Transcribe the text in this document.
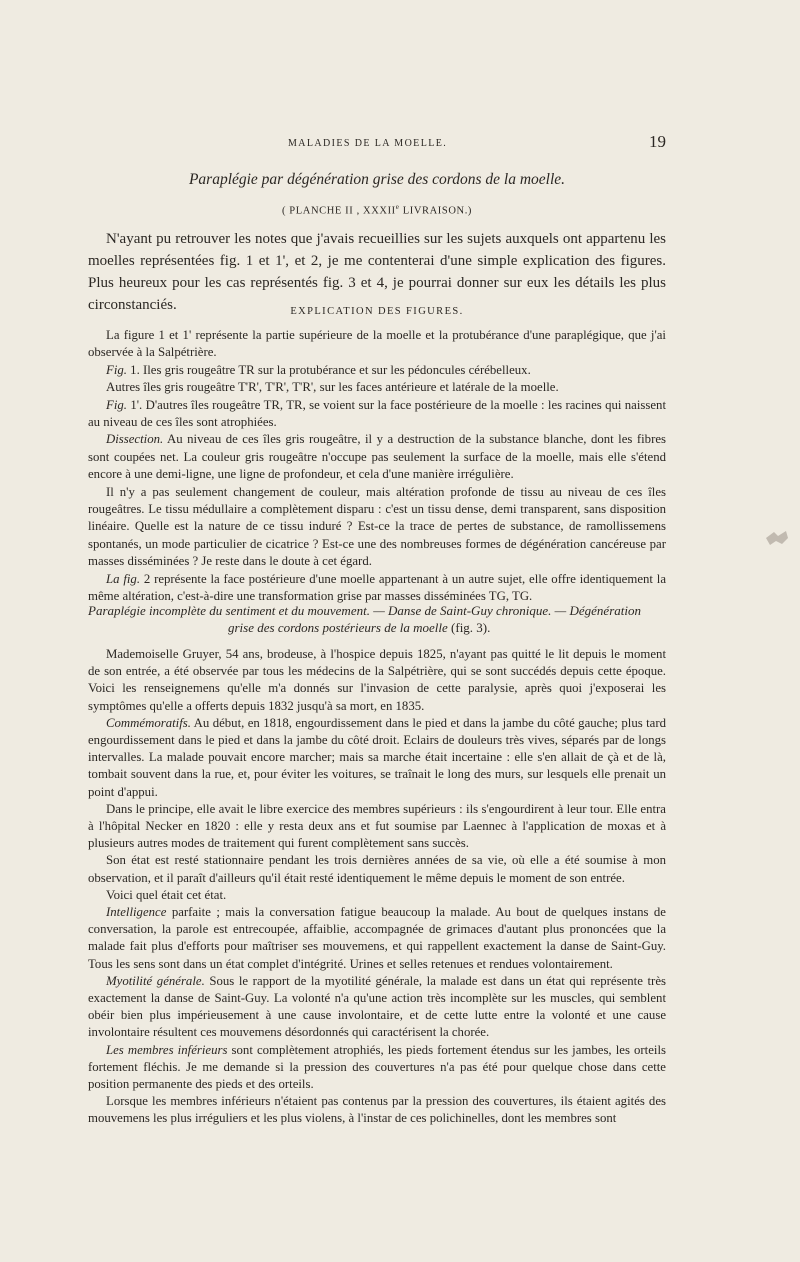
MALADIES DE LA MOELLE.	19
Paraplégie par dégénération grise des cordons de la moelle.
( PLANCHE II , XXXIIe LIVRAISON.)

N'ayant pu retrouver les notes que j'avais recueillies sur les sujets auxquels ont appartenu les moelles représentées fig. 1 et 1', et 2, je me contenterai d'une simple explication des figures. Plus heureux pour les cas représentés fig. 3 et 4, je pourrai donner sur eux les détails les plus circonstanciés.	EXPLICATION DES FIGURES.

La figure 1 et 1' représente la partie supérieure de la moelle et la protubérance d'une paraplégique, que j'ai observée à la Salpétrière.

Fig. 1. Iles gris rougeâtre TR sur la protubérance et sur les pédoncules cérébelleux.

Autres îles gris rougeâtre T'R', T'R', T'R', sur les faces antérieure et latérale de la moelle.

Fig. 1'. D'autres îles rougeâtre TR, TR, se voient sur la face postérieure de la moelle : les racines qui naissent au niveau de ces îles sont atrophiées.

Dissection. Au niveau de ces îles gris rougeâtre, il y a destruction de la substance blanche, dont les fibres sont coupées net. La couleur gris rougeâtre n'occupe pas seulement la surface de la moelle, mais elle s'étend encore à une demi-ligne, une ligne de profondeur, et cela d'une manière irrégulière.

Il n'y a pas seulement changement de couleur, mais altération profonde de tissu au niveau de ces îles rougeâtres. Le tissu médullaire a complètement disparu : c'est un tissu dense, demi transparent, sans disposition linéaire. Quelle est la nature de ce tissu induré ? Est-ce la trace de pertes de substance, de ramollissemens spontanés, un mode particulier de cicatrice ? Est-ce une des nombreuses formes de dégénération cancéreuse par masses disséminées ? Je reste dans le doute à cet égard.

La fig. 2 représente la face postérieure d'une moelle appartenant à un autre sujet, elle offre identiquement la même altération, c'est-à-dire une transformation grise par masses disséminées TG, TG.

Paraplégie incomplète du sentiment et du mouvement. — Danse de Saint-Guy chronique. — Dégénération
grise des cordons postérieurs de la moelle (fig. 3).

Mademoiselle Gruyer, 54 ans, brodeuse, à l'hospice depuis 1825, n'ayant pas quitté le lit depuis le moment de son entrée, a été observée par tous les médecins de la Salpétrière, qui se sont succédés depuis cette époque. Voici les renseignemens qu'elle m'a donnés sur l'invasion de cette paralysie, après quoi j'exposerai les symptômes qu'elle a offerts depuis 1832 jusqu'à sa mort, en 1835.

Commémoratifs. Au début, en 1818, engourdissement dans le pied et dans la jambe du côté gauche; plus tard engourdissement dans le pied et dans la jambe du côté droit. Eclairs de douleurs très vives, séparés par de longs intervalles. La malade pouvait encore marcher; mais sa marche était incertaine : elle s'en allait de çà et de là, tombait souvent dans la rue, et, pour éviter les voitures, se traînait le long des murs, sur lesquels elle prenait un point d'appui.

Dans le principe, elle avait le libre exercice des membres supérieurs : ils s'engourdirent à leur tour. Elle entra à l'hôpital Necker en 1820 : elle y resta deux ans et fut soumise par Laennec à l'application de moxas et à plusieurs autres modes de traitement qui furent complètement sans succès.

Son état est resté stationnaire pendant les trois dernières années de sa vie, où elle a été soumise à mon observation, et il paraît d'ailleurs qu'il était resté identiquement le même depuis le moment de son entrée.

Voici quel était cet état.

Intelligence parfaite ; mais la conversation fatigue beaucoup la malade. Au bout de quelques instans de conversation, la parole est entrecoupée, affaiblie, accompagnée de grimaces d'autant plus prononcées que la malade fait plus d'efforts pour maîtriser ses mouvemens, et qui rappellent exactement la danse de Saint-Guy. Tous les sens sont dans un état complet d'intégrité. Urines et selles retenues et rendues volontairement.

Myotilité générale. Sous le rapport de la myotilité générale, la malade est dans un état qui représente très exactement la danse de Saint-Guy. La volonté n'a qu'une action très incomplète sur les muscles, qui semblent obéir bien plus impérieusement à une cause involontaire, et de cette lutte entre la volonté et une cause involontaire résultent ces mouvemens désordonnés qui caractérisent la chorée.

Les membres inférieurs sont complètement atrophiés, les pieds fortement étendus sur les jambes, les orteils fortement fléchis. Je me demande si la pression des couvertures n'a pas été pour quelque chose dans cette position permanente des pieds et des orteils.

Lorsque les membres inférieurs n'étaient pas contenus par la pression des couvertures, ils étaient agités des mouvemens les plus irréguliers et les plus violens, à l'instar de ces polichinelles, dont les membres sont
